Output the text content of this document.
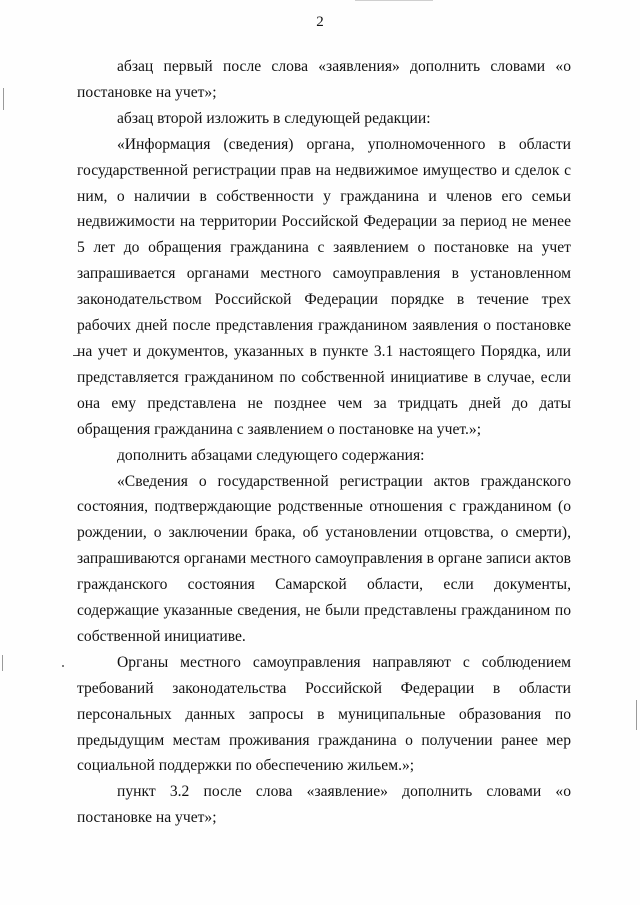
2

абзац первый после слова «заявления» дополнить словами «о постановке на учет»;

абзац второй изложить в следующей редакции:

«Информация (сведения) органа, уполномоченного в области государственной регистрации прав на недвижимое имущество и сделок с ним, о наличии в собственности у гражданина и членов его семьи недвижимости на территории Российской Федерации за период не менее 5 лет до обращения гражданина с заявлением о постановке на учет запрашивается органами местного самоуправления в установленном законодательством Российской Федерации порядке в течение трех рабочих дней после представления гражданином заявления о постановке на учет и документов, указанных в пункте 3.1 настоящего Порядка, или представляется гражданином по собственной инициативе в случае, если она ему представлена не позднее чем за тридцать дней до даты обращения гражданина с заявлением о постановке на учет.»;

дополнить абзацами следующего содержания:

«Сведения о государственной регистрации актов гражданского состояния, подтверждающие родственные отношения с гражданином (о рождении, о заключении брака, об установлении отцовства, о смерти), запрашиваются органами местного самоуправления в органе записи актов гражданского состояния Самарской области, если документы, содержащие указанные сведения, не были представлены гражданином по собственной инициативе.

Органы местного самоуправления направляют с соблюдением требований законодательства Российской Федерации в области персональных данных запросы в муниципальные образования по предыдущим местам проживания гражданина о получении ранее мер социальной поддержки по обеспечению жильем.»;

пункт 3.2 после слова «заявление» дополнить словами «о постановке на учет»;
